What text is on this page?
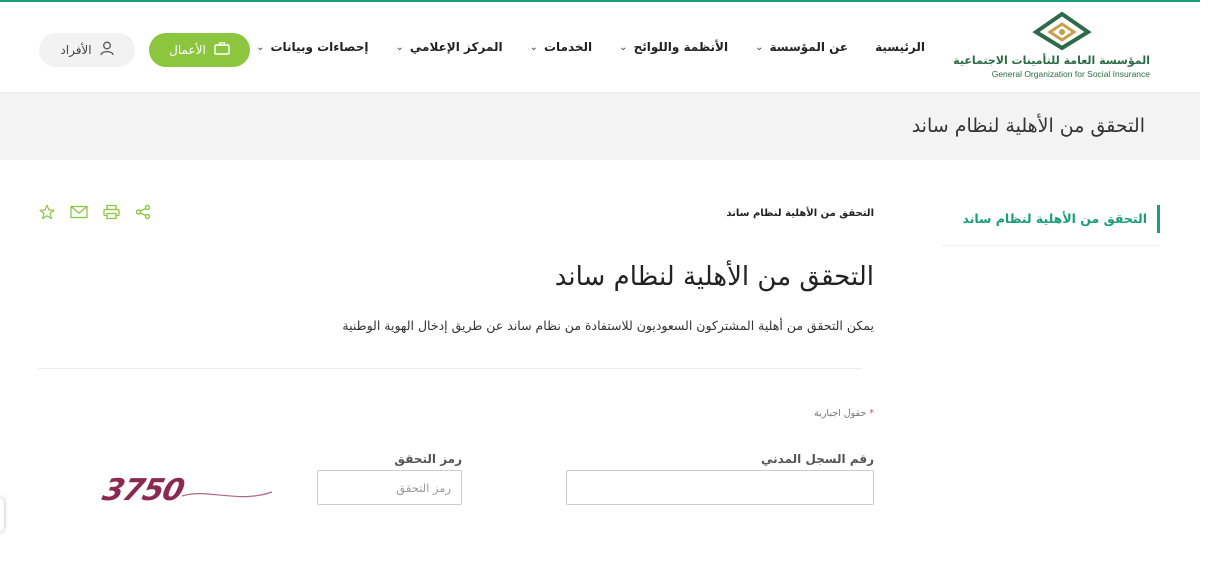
المؤسسة العامة للتأمينات الاجتماعية
General Organization for Social Insurance
الرئيسية
عن المؤسسة
⌄
الأنظمة واللوائح
⌄
الخدمات
⌄
المركز الإعلامي
⌄
إحصاءات وبيانات
⌄
الأعمال
الأفراد
التحقق من الأهلية لنظام ساند
التحقق من الأهلية لنظام ساند
التحقق من الأهلية لنظام ساند
التحقق من الأهلية لنظام ساند

يمكن التحقق من أهلية المشتركون السعوديون للاستفادة من نظام ساند عن طريق إدخال الهوية الوطنية

* حقول اجبارية
رقم السجل المدني
رمز التحقق
رمز التحقق
3750
